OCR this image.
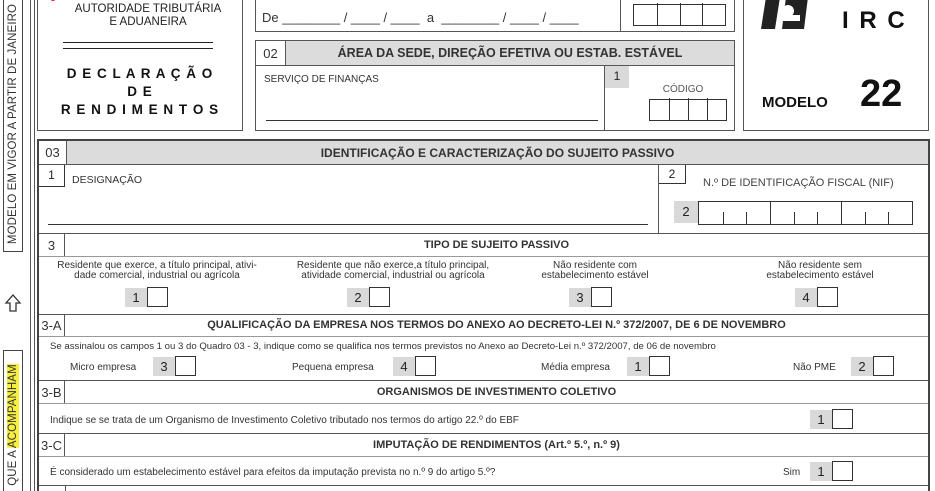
MODELO EM VIGOR A PARTIR DE JANEIRO
QUE A ACOMPANHAM
AUTORIDADE TRIBUTÁRIA
E ADUANEIRA
D E C L A R A Ç Ã O
D E
R E N D I M E N T O S
De ________ / ____ / ____ a ________ / ____ / ____
02	ÁREA DA SEDE, DIREÇÃO EFETIVA OU ESTAB. ESTÁVEL
SERVIÇO DE FINANÇAS	1
CÓDIGO
I R C
MODELO 22
03	IDENTIFICAÇÃO E CARACTERIZAÇÃO DO SUJEITO PASSIVO
1	DESIGNAÇÃO	2
N.º DE IDENTIFICAÇÃO FISCAL (NIF)
2
3	TIPO DE SUJEITO PASSIVO
Residente que exerce, a título principal, ativi-
dade comercial, industrial ou agrícola
1
Residente que não exerce,a título principal,
atividade comercial, industrial ou agrícola
2
Não residente com
estabelecimento estável
3
Não residente sem
estabelecimento estável
4
3-A	QUALIFICAÇÃO DA EMPRESA NOS TERMOS DO ANEXO AO DECRETO-LEI N.º 372/2007, DE 6 DE NOVEMBRO
Se assinalou os campos 1 ou 3 do Quadro 03 - 3, indique como se qualifica nos termos previstos no Anexo ao Decreto-Lei n.º 372/2007, de 06 de novembro
Micro empresa	3	Pequena empresa	4	Média empresa	1	Não PME	2
3-B	ORGANISMOS DE INVESTIMENTO COLETIVO
Indique se se trata de um Organismo de Investimento Coletivo tributado nos termos do artigo 22.º do EBF	1
3-C	IMPUTAÇÃO DE RENDIMENTOS (Art.º 5.º, n.º 9)
É considerado um estabelecimento estável para efeitos da imputação prevista no n.º 9 do artigo 5.º?	Sim	1
